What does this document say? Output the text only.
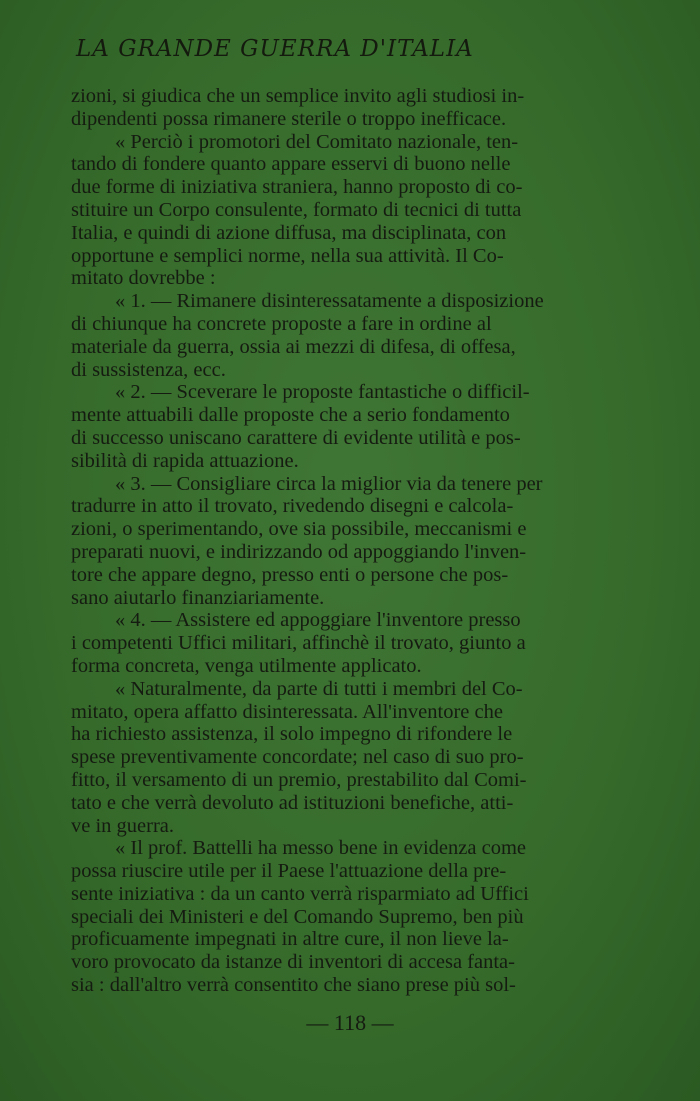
LA GRANDE GUERRA D'ITALIA
zioni, si giudica che un semplice invito agli studiosi in-
dipendenti possa rimanere sterile o troppo inefficace.
« Perciò i promotori del Comitato nazionale, ten-
tando di fondere quanto appare esservi di buono nelle
due forme di iniziativa straniera, hanno proposto di co-
stituire un Corpo consulente, formato di tecnici di tutta
Italia, e quindi di azione diffusa, ma disciplinata, con
opportune e semplici norme, nella sua attività. Il Co-
mitato dovrebbe :
« 1. — Rimanere disinteressatamente a disposizione
di chiunque ha concrete proposte a fare in ordine al
materiale da guerra, ossia ai mezzi di difesa, di offesa,
di sussistenza, ecc.
« 2. — Sceverare le proposte fantastiche o difficil-
mente attuabili dalle proposte che a serio fondamento
di successo uniscano carattere di evidente utilità e pos-
sibilità di rapida attuazione.
« 3. — Consigliare circa la miglior via da tenere per
tradurre in atto il trovato, rivedendo disegni e calcola-
zioni, o sperimentando, ove sia possibile, meccanismi e
preparati nuovi, e indirizzando od appoggiando l'inven-
tore che appare degno, presso enti o persone che pos-
sano aiutarlo finanziariamente.
« 4. — Assistere ed appoggiare l'inventore presso
i competenti Uffici militari, affinchè il trovato, giunto a
forma concreta, venga utilmente applicato.
« Naturalmente, da parte di tutti i membri del Co-
mitato, opera affatto disinteressata. All'inventore che
ha richiesto assistenza, il solo impegno di rifondere le
spese preventivamente concordate; nel caso di suo pro-
fitto, il versamento di un premio, prestabilito dal Comi-
tato e che verrà devoluto ad istituzioni benefiche, atti-
ve in guerra.
« Il prof. Battelli ha messo bene in evidenza come
possa riuscire utile per il Paese l'attuazione della pre-
sente iniziativa : da un canto verrà risparmiato ad Uffici
speciali dei Ministeri e del Comando Supremo, ben più
proficuamente impegnati in altre cure, il non lieve la-
voro provocato da istanze di inventori di accesa fanta-
sia : dall'altro verrà consentito che siano prese più sol-
— 118 —
